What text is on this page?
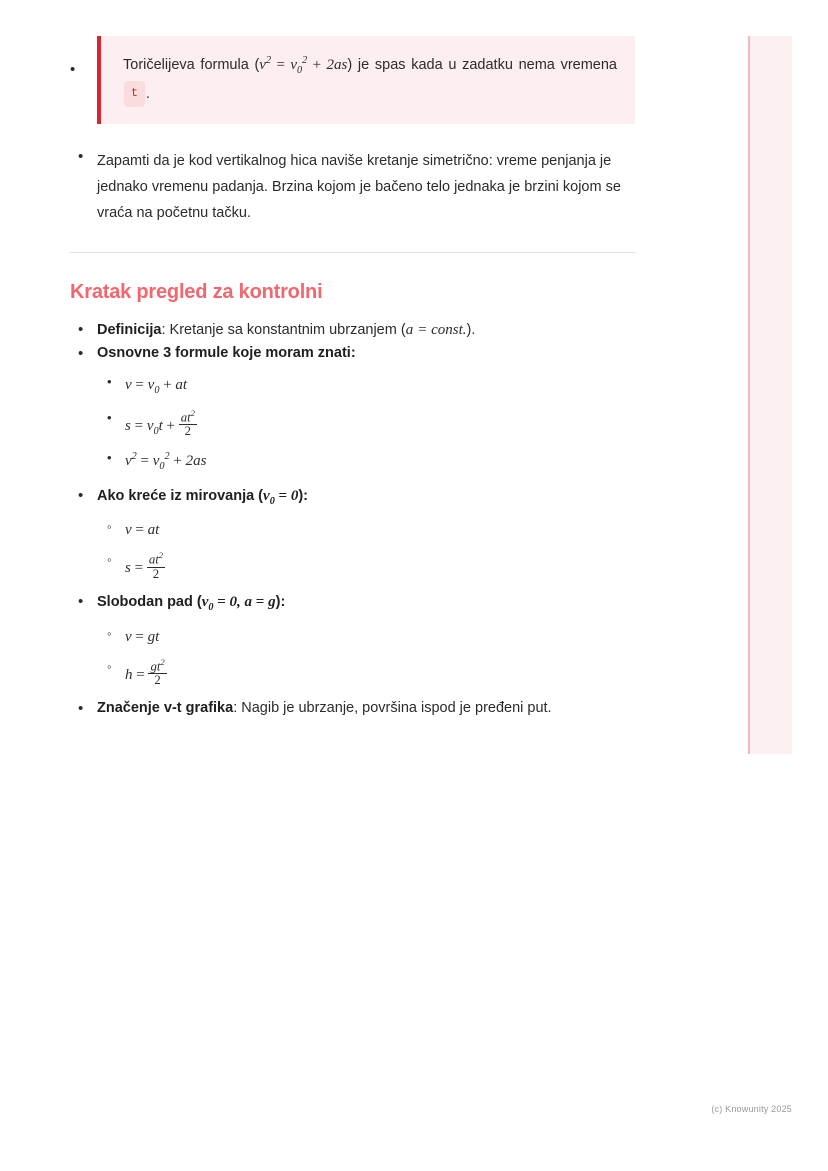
•	Toričelijeva formula $(v^2 = v_0^2 + 2as)$ je spas kada u zadatku nema vremena t .
• Zapamti da je kod vertikalnog hica naviše kretanje simetrično: vreme penjanja je jednako vremenu padanja. Brzina kojom je bačeno telo jednaka je brzini kojom se vraća na početnu tačku.
Kratak pregled za kontrolni
• Definicija: Kretanje sa konstantnim ubrzanjem (a = const.).
• Osnovne 3 formule koje moram znati:
• $v = v_0$ + at
• $s = v_0t + \frac{at^2}{2}$
• $v^2 = v_0^2 + 2as$
• Ako kreće iz mirovanja $(v_0 = 0)$:
◦ v = at
◦ $s = \frac{at^2}{2}$
• Slobodan pad ($v_0 = 0$, a = g):
◦ v = gt
◦ $h = \frac{gt^2}{2}$
• Značenje v-t grafika: Nagib je ubrzanje, površina ispod je pređeni put.
(c) Knowunity 2025
